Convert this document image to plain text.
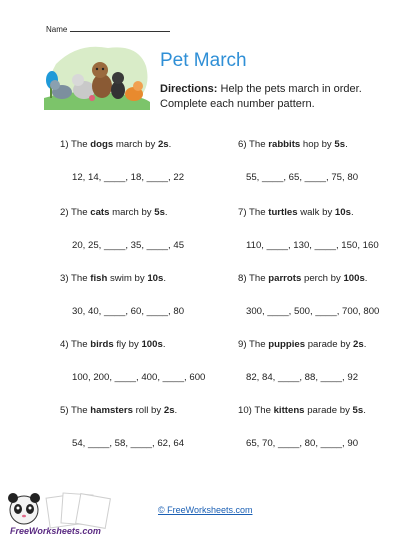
Name
Pet March
Directions: Help the pets march in order. Complete each number pattern.
1) The dogs march by 2s.
12, 14, ____, 18, ____, 22
2) The cats march by 5s.
20, 25, ____, 35, ____, 45
3) The fish swim by 10s.
30, 40, ____, 60, ____, 80
4) The birds fly by 100s.
100, 200, ____, 400, ____, 600
5) The hamsters roll by 2s.
54, ____, 58, ____, 62, 64
6) The rabbits hop by 5s.
55, ____, 65, ____, 75, 80
7) The turtles walk by 10s.
110, ____, 130, ____, 150, 160
8) The parrots perch by 100s.
300, ____, 500, ____, 700, 800
9) The puppies parade by 2s.
82, 84, ____, 88, ____, 92
10) The kittens parade by 5s.
65, 70, ____, 80, ____, 90
FreeWorksheets.com
© FreeWorksheets.com
